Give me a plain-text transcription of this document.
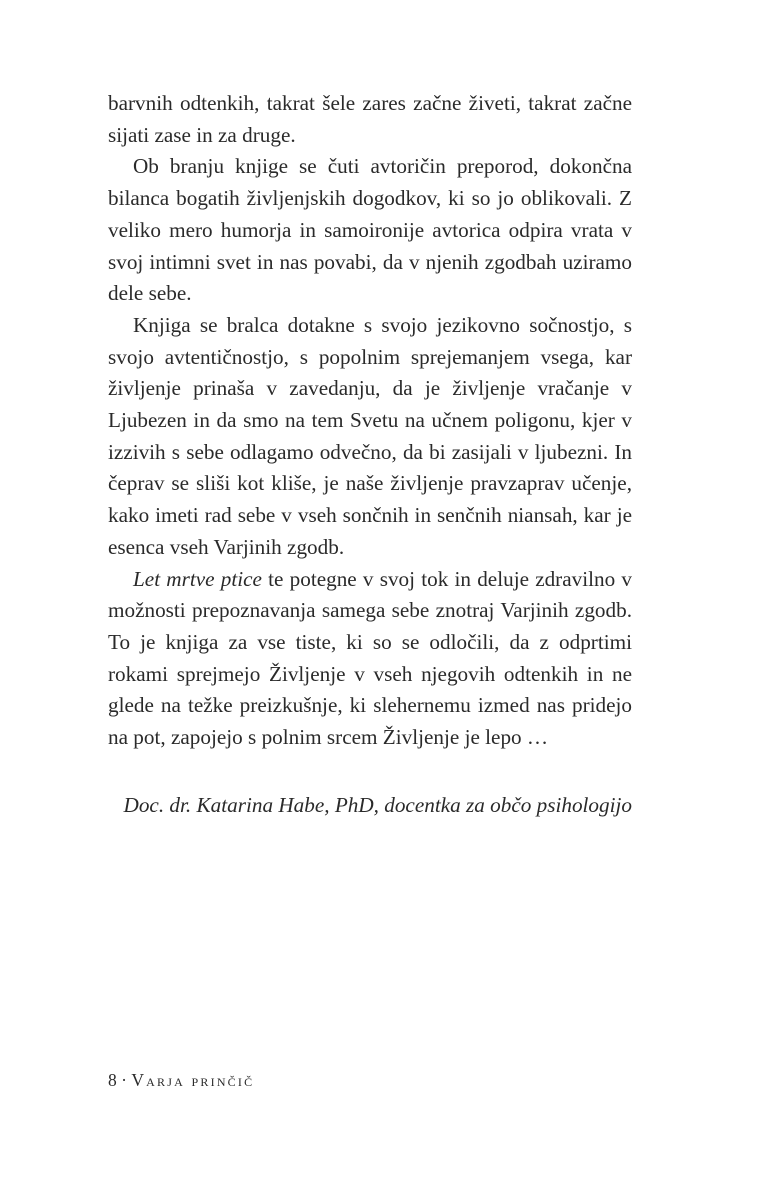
barvnih odtenkih, takrat šele zares začne živeti, takrat začne sijati zase in za druge.

Ob branju knjige se čuti avtoričin preporod, dokončna bilanca bogatih življenjskih dogodkov, ki so jo oblikovali. Z veliko mero humorja in samoironije avtorica odpira vrata v svoj intimni svet in nas povabi, da v njenih zgodbah uziramo dele sebe.

Knjiga se bralca dotakne s svojo jezikovno sočnostjo, s svojo avtentičnostjo, s popolnim sprejemanjem vsega, kar življenje prinaša v zavedanju, da je življenje vračanje v Ljubezen in da smo na tem Svetu na učnem poligonu, kjer v izzivih s sebe odlagamo odvečno, da bi zasijali v ljubezni. In čeprav se sliši kot kliše, je naše življenje pravzaprav učenje, kako imeti rad sebe v vseh sončnih in senčnih niansah, kar je esenca vseh Varjinih zgodb.

Let mrtve ptice te potegne v svoj tok in deluje zdravilno v možnosti prepoznavanja samega sebe znotraj Varjinih zgodb. To je knjiga za vse tiste, ki so se odločili, da z odprtimi rokami sprejmejo Življenje v vseh njegovih odtenkih in ne glede na težke preizkušnje, ki slehernemu izmed nas pridejo na pot, zapojejo s polnim srcem Življenje je lepo …

Doc. dr. Katarina Habe, PhD, docentka za občo psihologijo
8 · Varja prinčič
